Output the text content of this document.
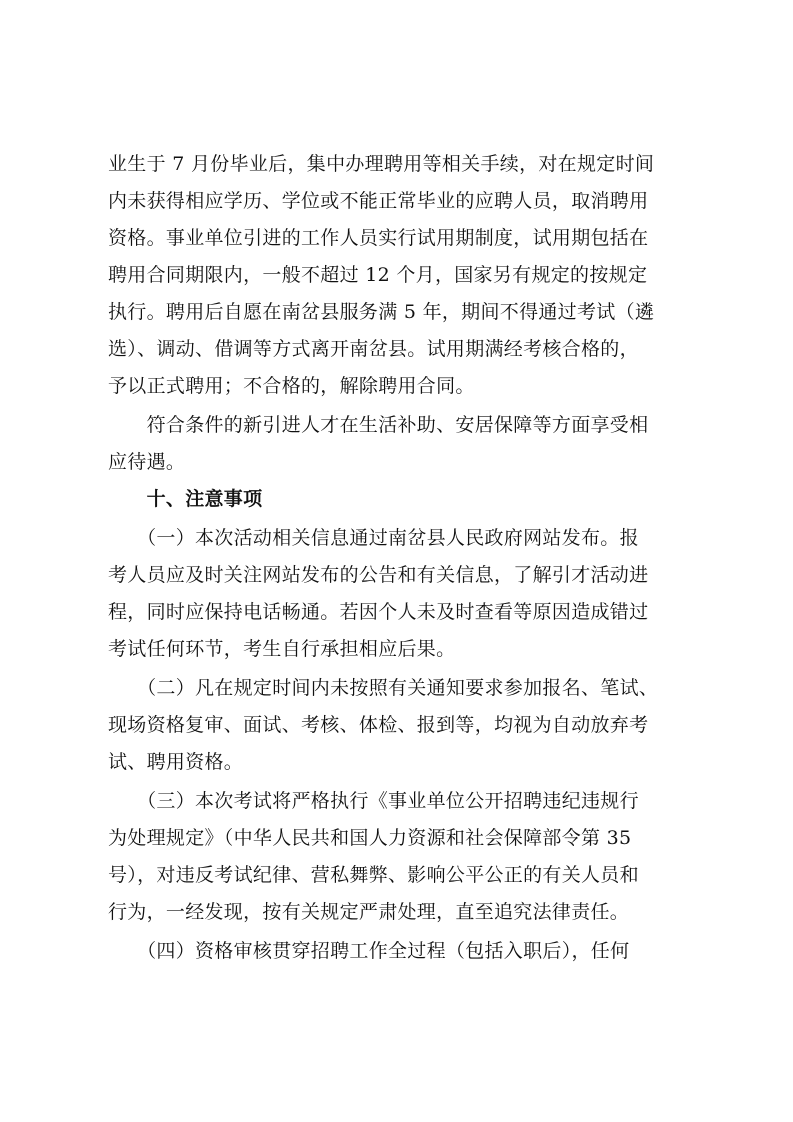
业生于 7 月份毕业后，集中办理聘用等相关手续，对在规定时间
内未获得相应学历、学位或不能正常毕业的应聘人员，取消聘用
资格。事业单位引进的工作人员实行试用期制度，试用期包括在
聘用合同期限内，一般不超过 12 个月，国家另有规定的按规定
执行。聘用后自愿在南岔县服务满 5 年，期间不得通过考试（遴
选）、调动、借调等方式离开南岔县。试用期满经考核合格的，
予以正式聘用；不合格的，解除聘用合同。
　　符合条件的新引进人才在生活补助、安居保障等方面享受相
应待遇。
　　十、注意事项
　　（一）本次活动相关信息通过南岔县人民政府网站发布。报
考人员应及时关注网站发布的公告和有关信息，了解引才活动进
程，同时应保持电话畅通。若因个人未及时查看等原因造成错过
考试任何环节，考生自行承担相应后果。
　　（二）凡在规定时间内未按照有关通知要求参加报名、笔试、
现场资格复审、面试、考核、体检、报到等，均视为自动放弃考
试、聘用资格。
　　（三）本次考试将严格执行《事业单位公开招聘违纪违规行
为处理规定》（中华人民共和国人力资源和社会保障部令第 35
号），对违反考试纪律、营私舞弊、影响公平公正的有关人员和
行为，一经发现，按有关规定严肃处理，直至追究法律责任。
　　（四）资格审核贯穿招聘工作全过程（包括入职后），任何
